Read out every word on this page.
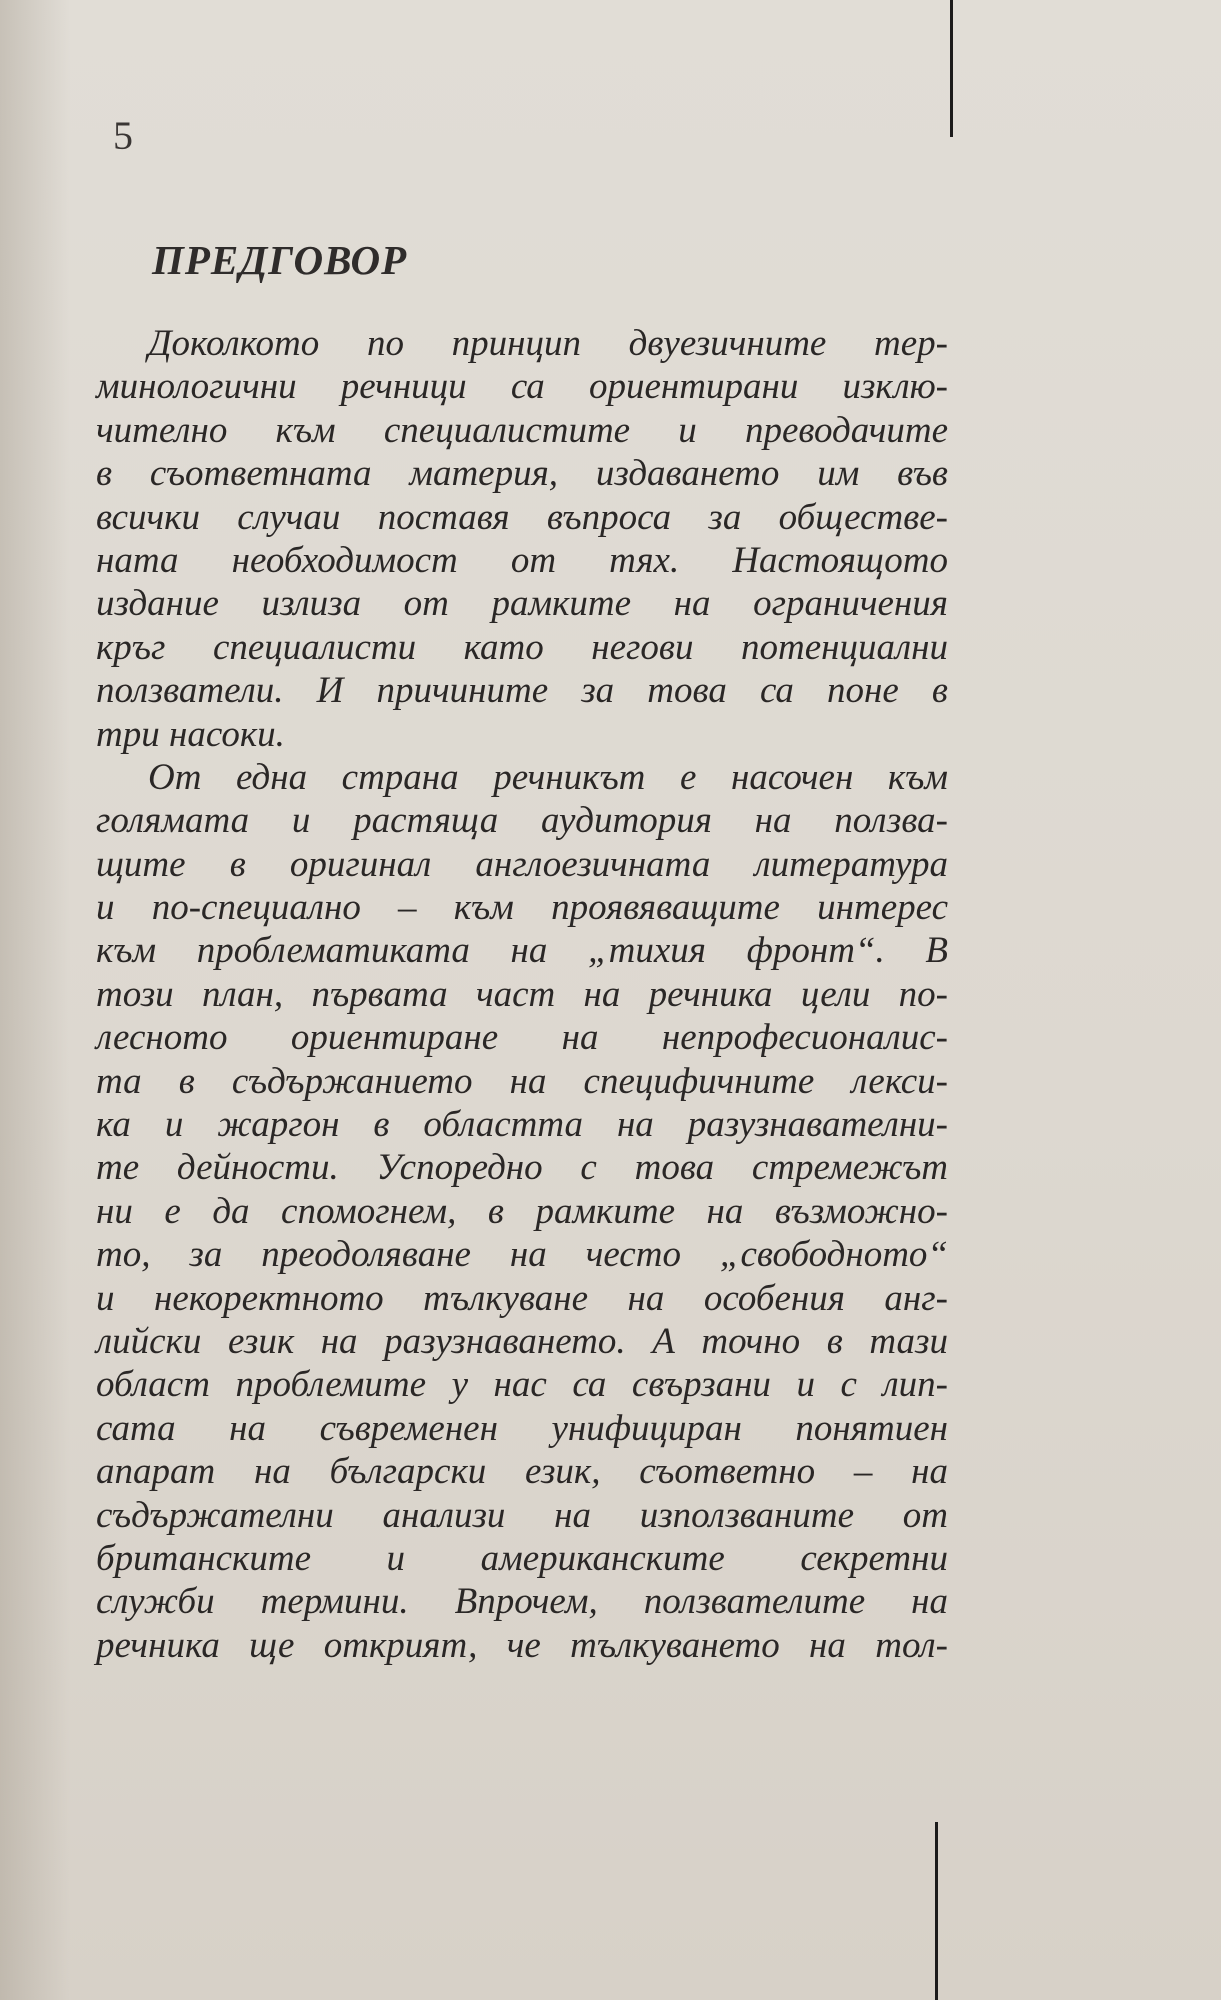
5
ПРЕДГОВОР
Доколкото по принцип двуезичните тер-
минологични речници са ориентирани изклю-
чително към специалистите и преводачите
в съответната материя, издаването им във
всички случаи поставя въпроса за обществе-
ната необходимост от тях. Настоящото
издание излиза от рамките на ограничения
кръг специалисти като негови потенциални
ползватели. И причините за това са поне в
три насоки.
От една страна речникът е насочен към
голямата и растяща аудитория на ползва-
щите в оригинал англоезичната литература
и по-специално – към проявяващите интерес
към проблематиката на „тихия фронт“. В
този план, първата част на речника цели по-
лесното ориентиране на непрофесионалис-
та в съдържанието на специфичните лекси-
ка и жаргон в областта на разузнавателни-
те дейности. Успоредно с това стремежът
ни е да спомогнем, в рамките на възможно-
то, за преодоляване на често „свободното“
и некоректното тълкуване на особения анг-
лийски език на разузнаването. А точно в тази
област проблемите у нас са свързани и с лип-
сата на съвременен унифициран понятиен
апарат на български език, съответно – на
съдържателни анализи на използваните от
британските и американските секретни
служби термини. Впрочем, ползвателите на
речника ще открият, че тълкуването на тол-
